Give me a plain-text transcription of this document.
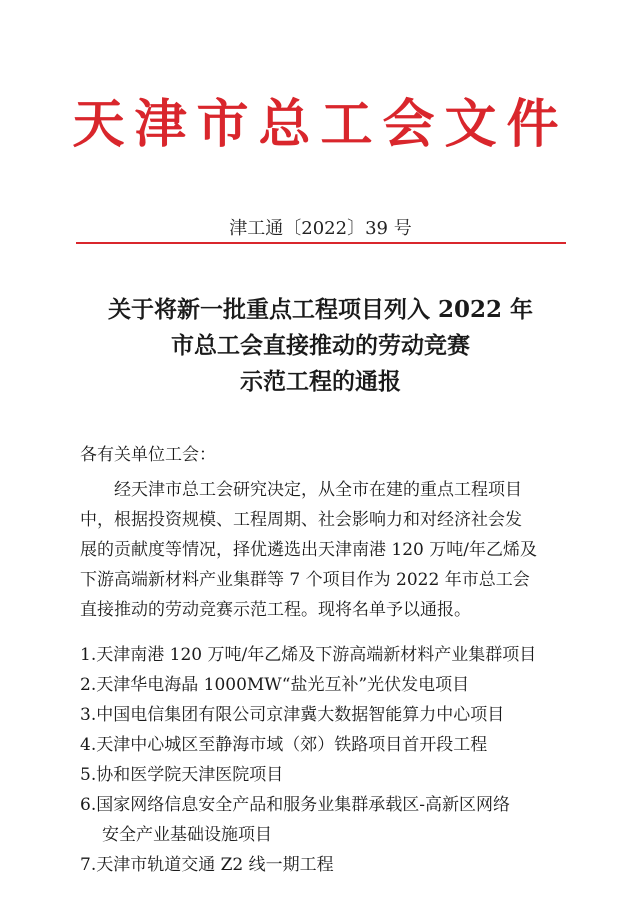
天津市总工会文件
津工通〔2022〕39 号
关于将新一批重点工程项目列入 2022 年
市总工会直接推动的劳动竞赛
示范工程的通报
各有关单位工会：
经天津市总工会研究决定，从全市在建的重点工程项目
中，根据投资规模、工程周期、社会影响力和对经济社会发
展的贡献度等情况，择优遴选出天津南港 120 万吨/年乙烯及
下游高端新材料产业集群等 7 个项目作为 2022 年市总工会
直接推动的劳动竞赛示范工程。现将名单予以通报。
1.天津南港 120 万吨/年乙烯及下游高端新材料产业集群项目
2.天津华电海晶 1000MW“盐光互补”光伏发电项目
3.中国电信集团有限公司京津冀大数据智能算力中心项目
4.天津中心城区至静海市域（郊）铁路项目首开段工程
5.协和医学院天津医院项目
6.国家网络信息安全产品和服务业集群承载区-高新区网络
安全产业基础设施项目
7.天津市轨道交通 Z2 线一期工程
